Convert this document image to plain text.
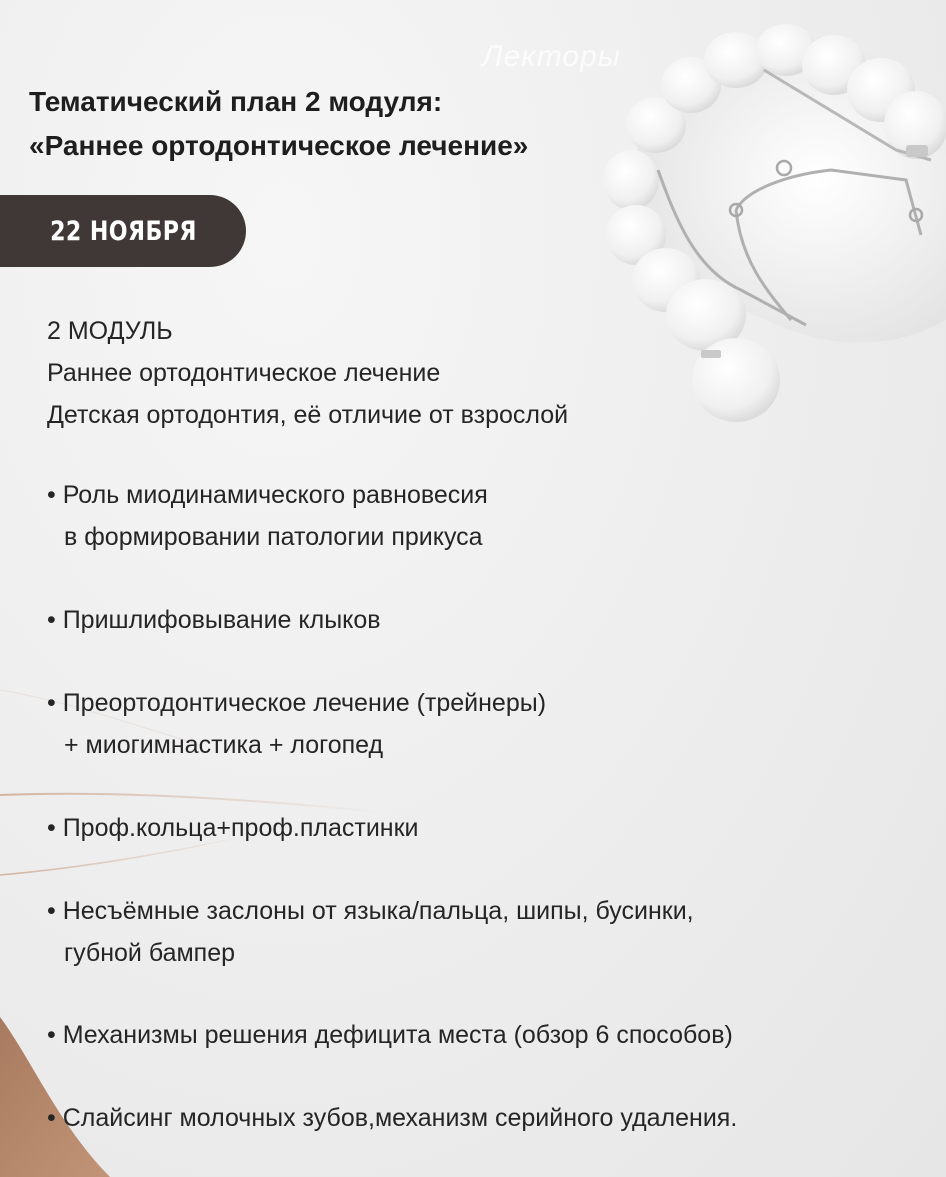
Лекторы
Тематический план 2 модуля:
«Раннее ортодонтическое лечение»
22 НОЯБРЯ
2 МОДУЛЬ
Раннее ортодонтическое лечение
Детская ортодонтия, её отличие от взрослой
• Роль миодинамического равновесия
в формировании патологии прикуса
• Пришлифовывание клыков
• Преортодонтическое лечение (трейнеры)
+ миогимнастика + логопед
• Проф.кольца+проф.пластинки
• Несъёмные заслоны от языка/пальца, шипы, бусинки,
губной бампер
• Механизмы решения дефицита места (обзор 6 способов)
• Слайсинг молочных зубов,механизм серийного удаления.
